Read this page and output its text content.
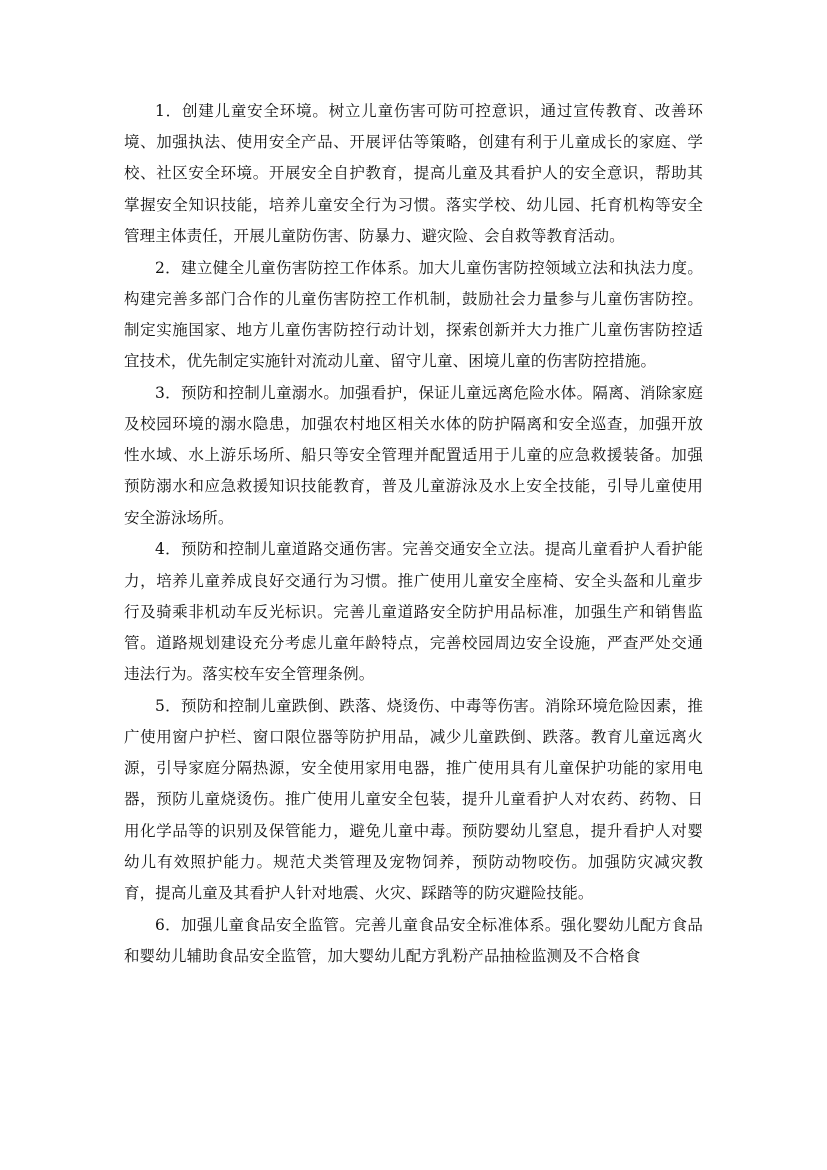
1．创建儿童安全环境。树立儿童伤害可防可控意识，通过宣传教育、改善环境、加强执法、使用安全产品、开展评估等策略，创建有利于儿童成长的家庭、学校、社区安全环境。开展安全自护教育，提高儿童及其看护人的安全意识，帮助其掌握安全知识技能，培养儿童安全行为习惯。落实学校、幼儿园、托育机构等安全管理主体责任，开展儿童防伤害、防暴力、避灾险、会自救等教育活动。

2．建立健全儿童伤害防控工作体系。加大儿童伤害防控领域立法和执法力度。构建完善多部门合作的儿童伤害防控工作机制，鼓励社会力量参与儿童伤害防控。制定实施国家、地方儿童伤害防控行动计划，探索创新并大力推广儿童伤害防控适宜技术，优先制定实施针对流动儿童、留守儿童、困境儿童的伤害防控措施。

3．预防和控制儿童溺水。加强看护，保证儿童远离危险水体。隔离、消除家庭及校园环境的溺水隐患，加强农村地区相关水体的防护隔离和安全巡查，加强开放性水域、水上游乐场所、船只等安全管理并配置适用于儿童的应急救援装备。加强预防溺水和应急救援知识技能教育，普及儿童游泳及水上安全技能，引导儿童使用安全游泳场所。

4．预防和控制儿童道路交通伤害。完善交通安全立法。提高儿童看护人看护能力，培养儿童养成良好交通行为习惯。推广使用儿童安全座椅、安全头盔和儿童步行及骑乘非机动车反光标识。完善儿童道路安全防护用品标准，加强生产和销售监管。道路规划建设充分考虑儿童年龄特点，完善校园周边安全设施，严查严处交通违法行为。落实校车安全管理条例。

5．预防和控制儿童跌倒、跌落、烧烫伤、中毒等伤害。消除环境危险因素，推广使用窗户护栏、窗口限位器等防护用品，减少儿童跌倒、跌落。教育儿童远离火源，引导家庭分隔热源，安全使用家用电器，推广使用具有儿童保护功能的家用电器，预防儿童烧烫伤。推广使用儿童安全包装，提升儿童看护人对农药、药物、日用化学品等的识别及保管能力，避免儿童中毒。预防婴幼儿窒息，提升看护人对婴幼儿有效照护能力。规范犬类管理及宠物饲养，预防动物咬伤。加强防灾减灾教育，提高儿童及其看护人针对地震、火灾、踩踏等的防灾避险技能。

6．加强儿童食品安全监管。完善儿童食品安全标准体系。强化婴幼儿配方食品和婴幼儿辅助食品安全监管，加大婴幼儿配方乳粉产品抽检监测及不合格食
